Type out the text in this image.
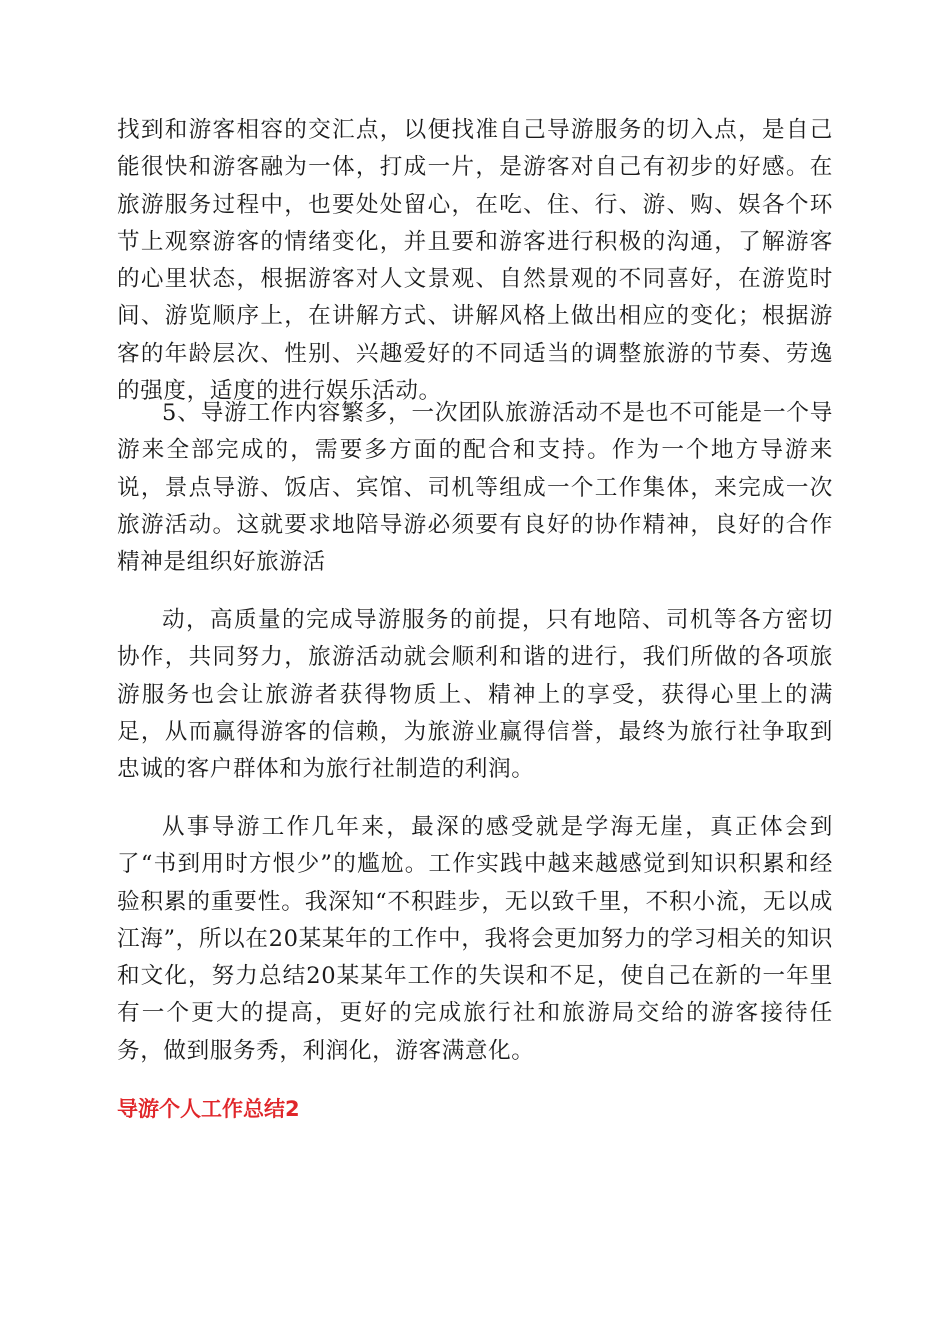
找到和游客相容的交汇点，以便找准自己导游服务的切入点，是自己能很快和游客融为一体，打成一片，是游客对自己有初步的好感。在旅游服务过程中，也要处处留心，在吃、住、行、游、购、娱各个环节上观察游客的情绪变化，并且要和游客进行积极的沟通，了解游客的心里状态，根据游客对人文景观、自然景观的不同喜好，在游览时间、游览顺序上，在讲解方式、讲解风格上做出相应的变化；根据游客的年龄层次、性别、兴趣爱好的不同适当的调整旅游的节奏、劳逸的强度，适度的进行娱乐活动。

5、导游工作内容繁多，一次团队旅游活动不是也不可能是一个导游来全部完成的，需要多方面的配合和支持。作为一个地方导游来说，景点导游、饭店、宾馆、司机等组成一个工作集体，来完成一次旅游活动。这就要求地陪导游必须要有良好的协作精神，良好的合作精神是组织好旅游活

动，高质量的完成导游服务的前提，只有地陪、司机等各方密切协作，共同努力，旅游活动就会顺利和谐的进行，我们所做的各项旅游服务也会让旅游者获得物质上、精神上的享受，获得心里上的满足，从而赢得游客的信赖，为旅游业赢得信誉，最终为旅行社争取到忠诚的客户群体和为旅行社制造的利润。

从事导游工作几年来，最深的感受就是学海无崖，真正体会到了“书到用时方恨少”的尴尬。工作实践中越来越感觉到知识积累和经验积累的重要性。我深知“不积跬步，无以致千里，不积小流，无以成江海”，所以在20某某年的工作中，我将会更加努力的学习相关的知识和文化，努力总结20某某年工作的失误和不足，使自己在新的一年里有一个更大的提高，更好的完成旅行社和旅游局交给的游客接待任务，做到服务秀，利润化，游客满意化。

导游个人工作总结2
